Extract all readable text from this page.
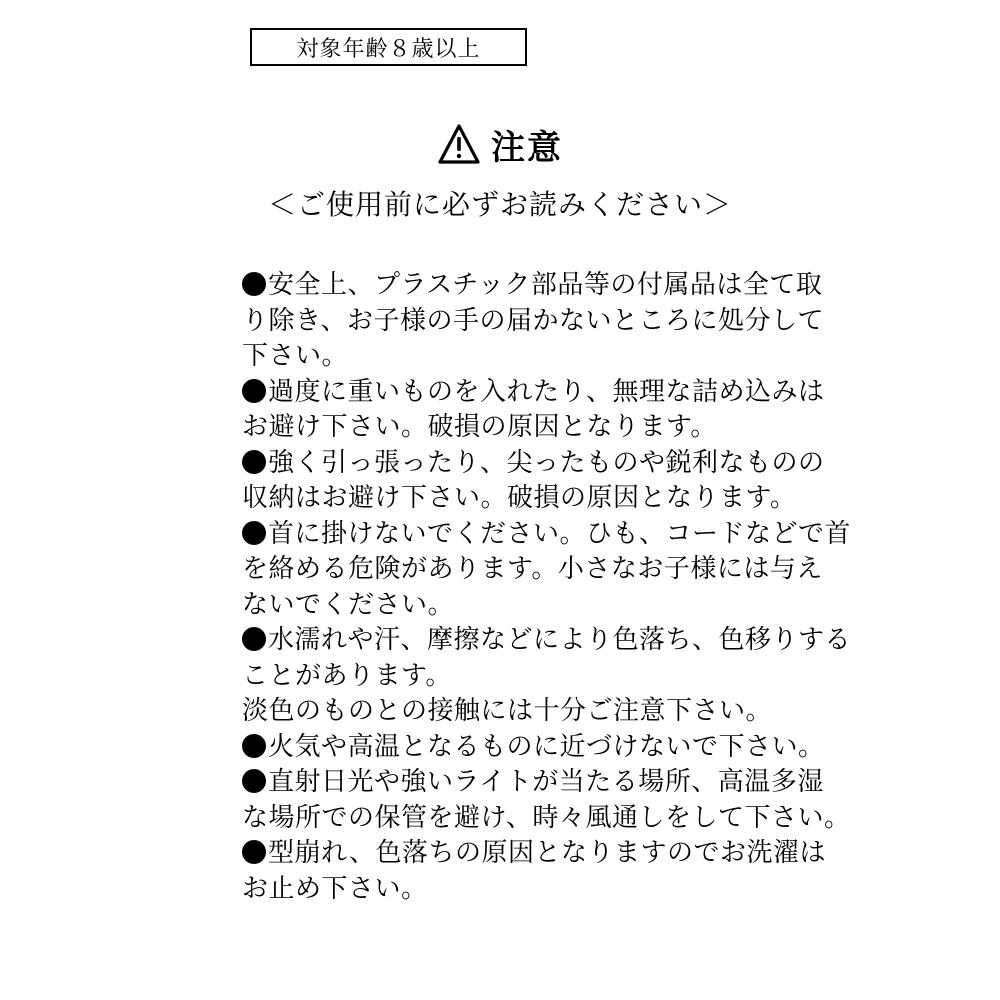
対象年齢８歳以上
注意
＜ご使用前に必ずお読みください＞
安全上、プラスチック部品等の付属品は全て取
り除き、お子様の手の届かないところに処分して
下さい。
過度に重いものを入れたり、無理な詰め込みは
お避け下さい。破損の原因となります。
強く引っ張ったり、尖ったものや鋭利なものの
収納はお避け下さい。破損の原因となります。
首に掛けないでください。ひも、コードなどで首
を絡める危険があります。小さなお子様には与え
ないでください。
水濡れや汗、摩擦などにより色落ち、色移りする
ことがあります。
淡色のものとの接触には十分ご注意下さい。
火気や高温となるものに近づけないで下さい。
直射日光や強いライトが当たる場所、高温多湿
な場所での保管を避け、時々風通しをして下さい。
型崩れ、色落ちの原因となりますのでお洗濯は
お止め下さい。
